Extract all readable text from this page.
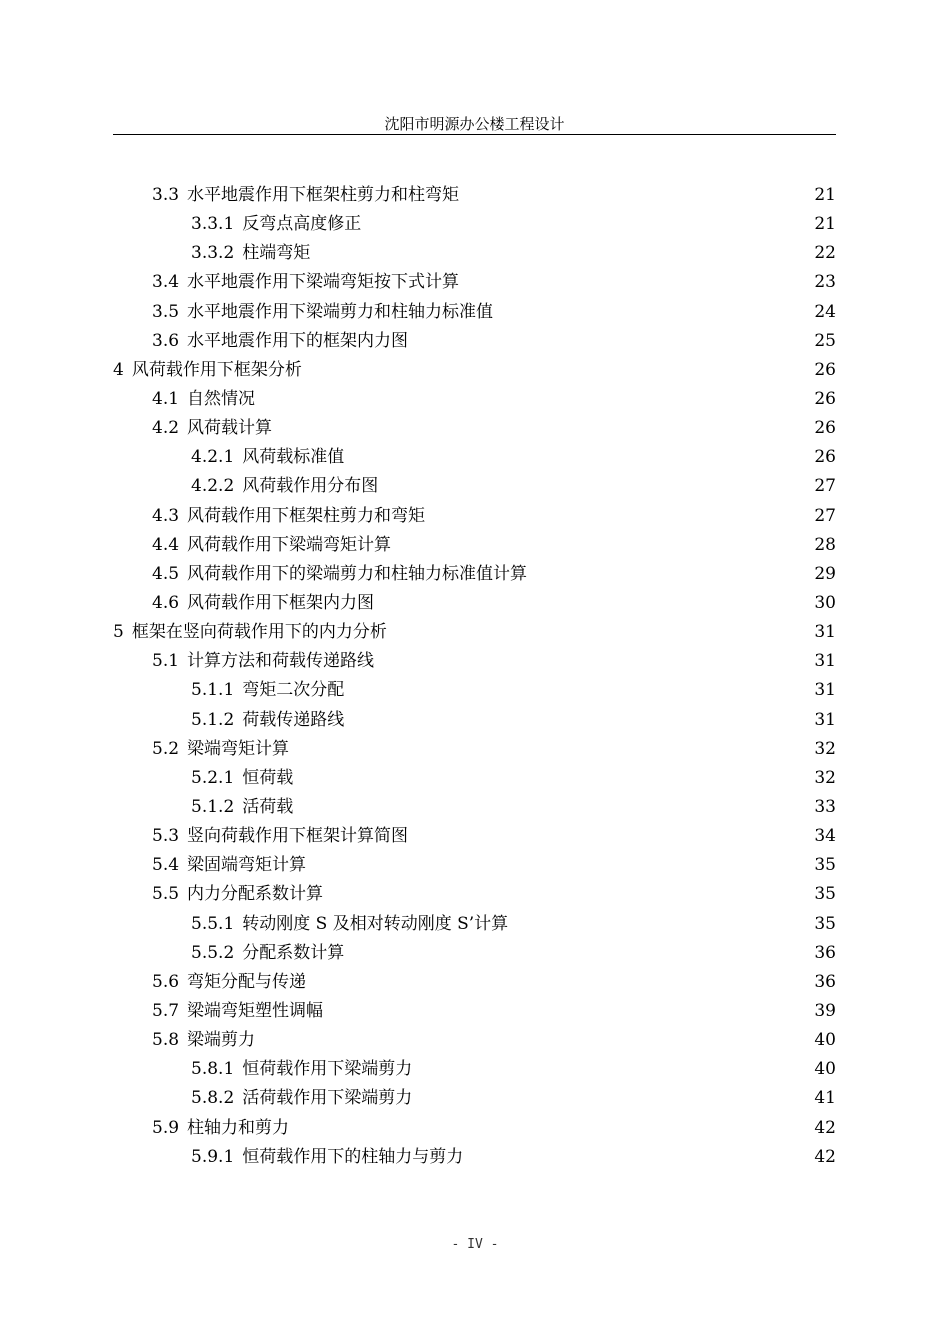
沈阳市明源办公楼工程设计
3.3 水平地震作用下框架柱剪力和柱弯矩	21
3.3.1 反弯点高度修正	21
3.3.2 柱端弯矩	22
3.4 水平地震作用下梁端弯矩按下式计算	23
3.5 水平地震作用下梁端剪力和柱轴力标准值	24
3.6 水平地震作用下的框架内力图	25
4 风荷载作用下框架分析	26
4.1 自然情况	26
4.2 风荷载计算	26
4.2.1 风荷载标准值	26
4.2.2 风荷载作用分布图	27
4.3 风荷载作用下框架柱剪力和弯矩	27
4.4 风荷载作用下梁端弯矩计算	28
4.5 风荷载作用下的梁端剪力和柱轴力标准值计算	29
4.6 风荷载作用下框架内力图	30
5 框架在竖向荷载作用下的内力分析	31
5.1 计算方法和荷载传递路线	31
5.1.1 弯矩二次分配	31
5.1.2 荷载传递路线	31
5.2 梁端弯矩计算	32
5.2.1 恒荷载	32
5.1.2 活荷载	33
5.3 竖向荷载作用下框架计算简图	34
5.4 梁固端弯矩计算	35
5.5 内力分配系数计算	35
5.5.1 转动刚度 S 及相对转动刚度 S’计算	35
5.5.2 分配系数计算	36
5.6 弯矩分配与传递	36
5.7 梁端弯矩塑性调幅	39
5.8 梁端剪力	40
5.8.1 恒荷载作用下梁端剪力	40
5.8.2 活荷载作用下梁端剪力	41
5.9 柱轴力和剪力	42
5.9.1 恒荷载作用下的柱轴力与剪力	42
- IV -
